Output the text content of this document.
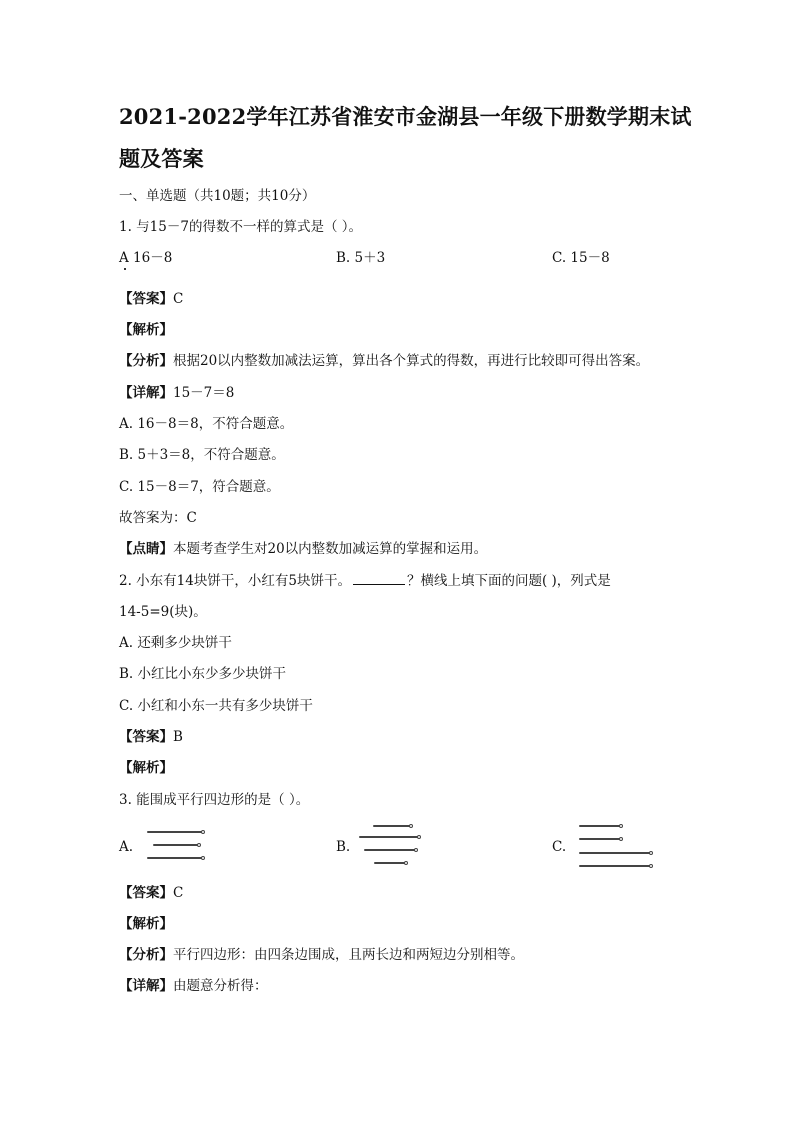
2021-2022学年江苏省淮安市金湖县一年级下册数学期末试
题及答案
一、单选题（共10题；共10分）
1. 与15－7的得数不一样的算式是（ ）。
A 16－8	B. 5＋3	C. 15－8
【答案】C
【解析】
【分析】根据20以内整数加减法运算，算出各个算式的得数，再进行比较即可得出答案。
【详解】15－7＝8
A. 16－8＝8，不符合题意。
B. 5＋3＝8，不符合题意。
C. 15－8＝7，符合题意。
故答案为：C
【点睛】本题考查学生对20以内整数加减运算的掌握和运用。
2. 小东有14块饼干，小红有5块饼干。	？横线上填下面的问题( )，列式是
14-5=9(块)。
A. 还剩多少块饼干
B. 小红比小东少多少块饼干
C. 小红和小东一共有多少块饼干
【答案】B
【解析】
3. 能围成平行四边形的是（ ）。
A.	B.	C.
【答案】C
【解析】
【分析】平行四边形：由四条边围成，且两长边和两短边分别相等。
【详解】由题意分析得：
